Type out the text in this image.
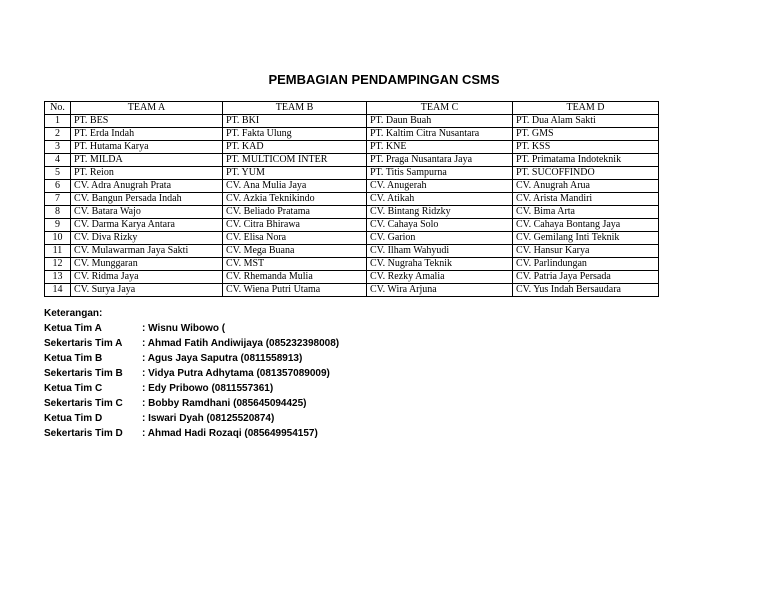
PEMBAGIAN PENDAMPINGAN CSMS
No.	TEAM A	TEAM B	TEAM C	TEAM D
1	PT. BES	PT. BKI	PT. Daun Buah	PT. Dua Alam Sakti
2	PT. Erda Indah	PT. Fakta Ulung	PT. Kaltim Citra Nusantara	PT. GMS
3	PT. Hutama Karya	PT. KAD	PT. KNE	PT. KSS
4	PT. MILDA	PT. MULTICOM INTER	PT. Praga Nusantara Jaya	PT. Primatama Indoteknik
5	PT. Reion	PT. YUM	PT. Titis Sampurna	PT. SUCOFFINDO
6	CV. Adra Anugrah Prata	CV. Ana Mulia Jaya	CV. Anugerah	CV. Anugrah Arua
7	CV. Bangun Persada Indah	CV. Azkia Teknikindo	CV. Atikah	CV. Arista Mandiri
8	CV. Batara Wajo	CV. Beliado Pratama	CV. Bintang Ridzky	CV. Bima Arta
9	CV. Darma Karya Antara	CV. Citra Bhirawa	CV. Cahaya Solo	CV. Cahaya Bontang Jaya
10	CV. Diva Rizky	CV. Elisa Nora	CV. Garion	CV. Gemilang Inti Teknik
11	CV. Mulawarman Jaya Sakti	CV. Mega Buana	CV. Ilham Wahyudi	CV. Hansur Karya
12	CV. Munggaran	CV. MST	CV. Nugraha Teknik	CV. Parlindungan
13	CV. Ridma Jaya	CV. Rhemanda Mulia	CV. Rezky Amalia	CV. Patria Jaya Persada
14	CV. Surya Jaya	CV. Wiena Putri Utama	CV. Wira Arjuna	CV. Yus Indah Bersaudara
Keterangan:
Ketua Tim A	: Wisnu Wibowo (
Sekertaris Tim A	: Ahmad Fatih Andiwijaya (085232398008)
Ketua Tim B	: Agus Jaya Saputra (0811558913)
Sekertaris Tim B	: Vidya Putra Adhytama (081357089009)
Ketua Tim C	: Edy Pribowo (0811557361)
Sekertaris Tim C	: Bobby Ramdhani (085645094425)
Ketua Tim D	: Iswari Dyah (08125520874)
Sekertaris Tim D	: Ahmad Hadi Rozaqi (085649954157)
